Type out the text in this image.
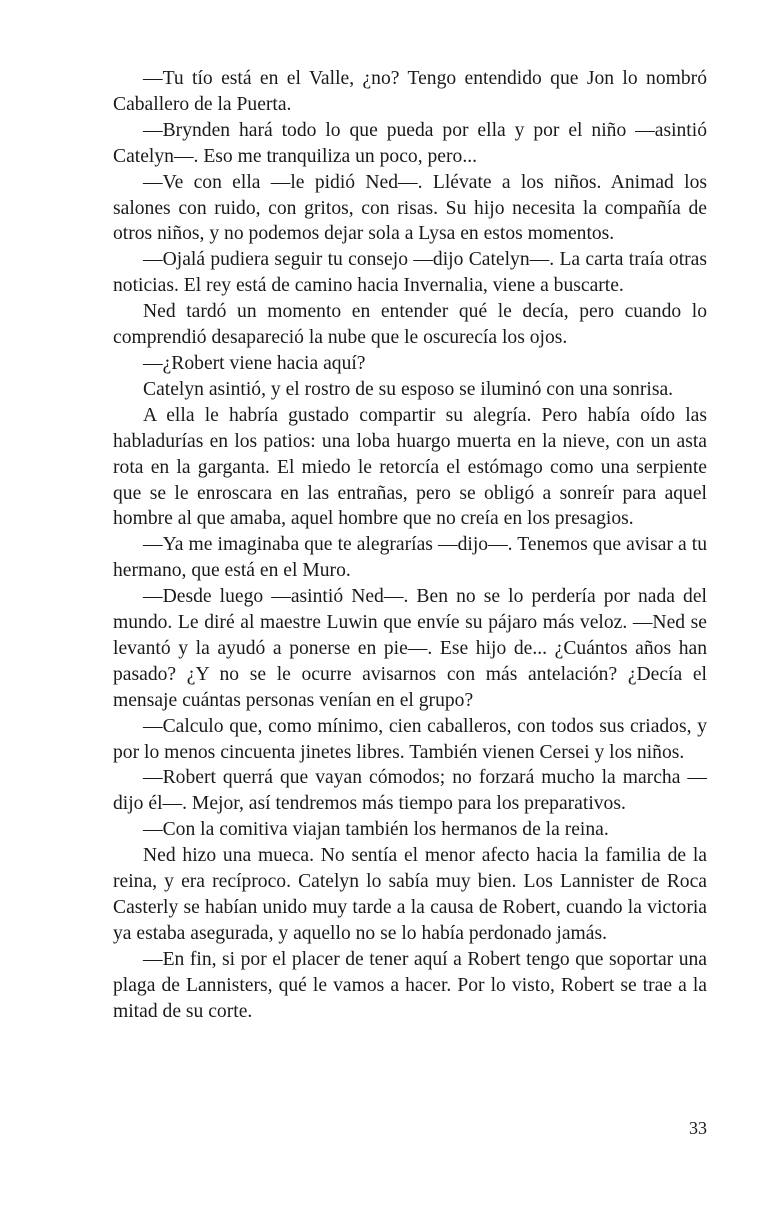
—Tu tío está en el Valle, ¿no? Tengo entendido que Jon lo nombró Caballero de la Puerta.

—Brynden hará todo lo que pueda por ella y por el niño —asintió Catelyn—. Eso me tranquiliza un poco, pero...

—Ve con ella —le pidió Ned—. Llévate a los niños. Animad los salones con ruido, con gritos, con risas. Su hijo necesita la compañía de otros niños, y no podemos dejar sola a Lysa en estos momentos.

—Ojalá pudiera seguir tu consejo —dijo Catelyn—. La carta traía otras noticias. El rey está de camino hacia Invernalia, viene a buscarte.

Ned tardó un momento en entender qué le decía, pero cuando lo comprendió desapareció la nube que le oscurecía los ojos.

—¿Robert viene hacia aquí?

Catelyn asintió, y el rostro de su esposo se iluminó con una sonrisa.

A ella le habría gustado compartir su alegría. Pero había oído las habladurías en los patios: una loba huargo muerta en la nieve, con un asta rota en la garganta. El miedo le retorcía el estómago como una serpiente que se le enroscara en las entrañas, pero se obligó a sonreír para aquel hombre al que amaba, aquel hombre que no creía en los presagios.

—Ya me imaginaba que te alegrarías —dijo—. Tenemos que avisar a tu hermano, que está en el Muro.

—Desde luego —asintió Ned—. Ben no se lo perdería por nada del mundo. Le diré al maestre Luwin que envíe su pájaro más veloz. —Ned se levantó y la ayudó a ponerse en pie—. Ese hijo de... ¿Cuántos años han pasado? ¿Y no se le ocurre avisarnos con más antelación? ¿Decía el mensaje cuántas personas venían en el grupo?

—Calculo que, como mínimo, cien caballeros, con todos sus criados, y por lo menos cincuenta jinetes libres. También vienen Cersei y los niños.

—Robert querrá que vayan cómodos; no forzará mucho la marcha —dijo él—. Mejor, así tendremos más tiempo para los preparativos.

—Con la comitiva viajan también los hermanos de la reina.

Ned hizo una mueca. No sentía el menor afecto hacia la familia de la reina, y era recíproco. Catelyn lo sabía muy bien. Los Lannister de Roca Casterly se habían unido muy tarde a la causa de Robert, cuando la victoria ya estaba asegurada, y aquello no se lo había perdonado jamás.

—En fin, si por el placer de tener aquí a Robert tengo que soportar una plaga de Lannisters, qué le vamos a hacer. Por lo visto, Robert se trae a la mitad de su corte.

33
